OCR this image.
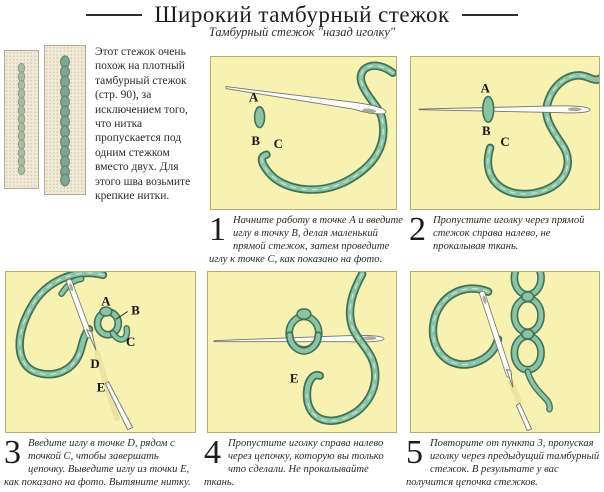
Широкий тамбурный стежок
Тамбурный стежок "назад иголку"
Этот стежок очень похож на плотный тамбурный стежок (стр. 90), за исключением того, что нитка пропускается под одним стежком вместо двух. Для этого шва возьмите крепкие нитки.
A
B C
A
B
C
A
B
C
D
E
E
1 Начните работу в точке А и введите иглу в точку В, делая маленький прямой стежок, затем проведите иглу к точке С, как показано на фото.
2 Пропустите иголку через прямой стежок справа налево, не прокалывая ткань.
3 Введите иглу в точке D, рядом с точкой С, чтобы завершать цепочку. Выведите иглу из точки Е, как показано на фото. Вытяните нитку.
4 Пропустите иголку справа налево через цепочку, которую вы только что сделали. Не прокалывайте ткань.
5 Повторите от пункта 3, пропуская иголку через предыдущий тамбурный стежок. В результате у вас получится цепочка стежков.
